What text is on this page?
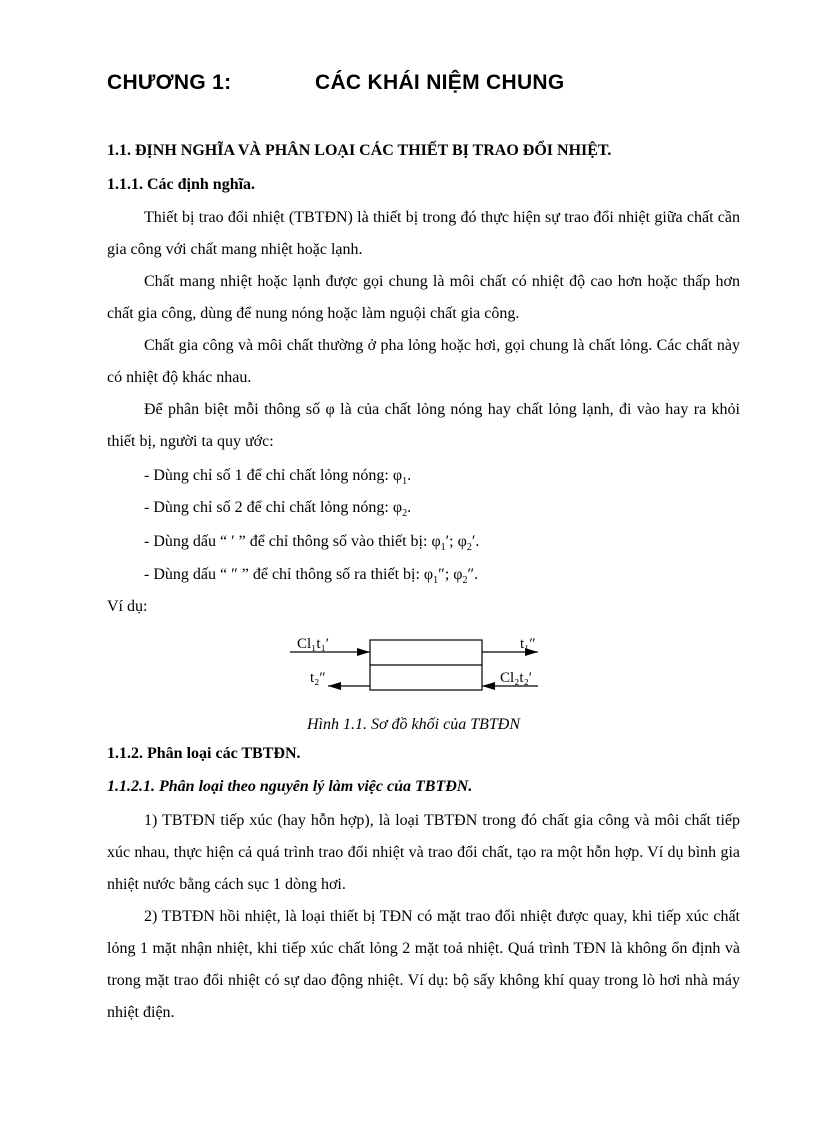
CHƯƠNG 1:	CÁC KHÁI NIỆM CHUNG
1.1. ĐỊNH NGHĨA VÀ PHÂN LOẠI CÁC THIẾT BỊ TRAO ĐỔI NHIỆT.
1.1.1. Các định nghĩa.

Thiết bị trao đổi nhiệt (TBTĐN) là thiết bị trong đó thực hiện sự trao đổi nhiệt giữa chất cần gia công với chất mang nhiệt hoặc lạnh.

Chất mang nhiệt hoặc lạnh được gọi chung là môi chất có nhiệt độ cao hơn hoặc thấp hơn chất gia công, dùng để nung nóng hoặc làm nguội chất gia công.

Chất gia công và môi chất thường ở pha lỏng hoặc hơi, gọi chung là chất lỏng. Các chất này có nhiệt độ khác nhau.

Để phân biệt mỗi thông số φ là của chất lỏng nóng hay chất lỏng lạnh, đi vào hay ra khỏi thiết bị, người ta quy ước:

- Dùng chỉ số 1 để chỉ chất lỏng nóng: $\varphi_1$.

- Dùng chỉ số 2 để chỉ chất lỏng nóng: $\varphi_2$.

- Dùng dấu “ ′ ” để chỉ thông số vào thiết bị: $\varphi_1'$; $\varphi_2'$.

- Dùng dấu “ ″ ” để chỉ thông số ra thiết bị: $\varphi_1''$; $\varphi_2''$.

Ví dụ:

Cl₁t₁′	t₁″
t₂″	Cl₂t₂′

Hình 1.1. Sơ đồ khối của TBTĐN

1.1.2. Phân loại các TBTĐN.
1.1.2.1. Phân loại theo nguyên lý làm việc của TBTĐN.

1) TBTĐN tiếp xúc (hay hỗn hợp), là loại TBTĐN trong đó chất gia công và môi chất tiếp xúc nhau, thực hiện cả quá trình trao đổi nhiệt và trao đổi chất, tạo ra một hỗn hợp. Ví dụ bình gia nhiệt nước bằng cách sục 1 dòng hơi.

2) TBTĐN hồi nhiệt, là loại thiết bị TĐN có mặt trao đổi nhiệt được quay, khi tiếp xúc chất lỏng 1 mặt nhận nhiệt, khi tiếp xúc chất lỏng 2 mặt toả nhiệt. Quá trình TĐN là không ổn định và trong mặt trao đổi nhiệt có sự dao động nhiệt. Ví dụ: bộ sấy không khí quay trong lò hơi nhà máy nhiệt điện.
